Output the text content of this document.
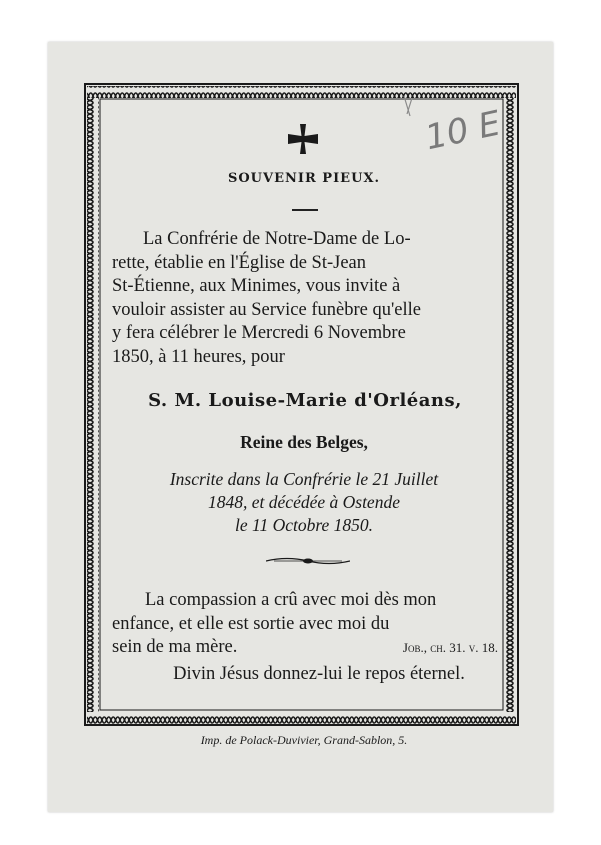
10 E
SOUVENIR PIEUX.
La Confrérie de Notre-Dame de Lo-
rette, établie en l'Église de St-Jean
St-Étienne, aux Minimes, vous invite à
vouloir assister au Service funèbre qu'elle
y fera célébrer le Mercredi 6 Novembre
1850, à 11 heures, pour
S. M. Louise-Marie d'Orléans,
Reine des Belges,
Inscrite dans la Confrérie le 21 Juillet
1848, et décédée à Ostende
le 11 Octobre 1850.
La compassion a crû avec moi dès mon
enfance, et elle est sortie avec moi du
sein de ma mère.	Job., ch. 31. v. 18.
Divin Jésus donnez-lui le repos éternel.
Imp. de Polack-Duvivier, Grand-Sablon, 5.
